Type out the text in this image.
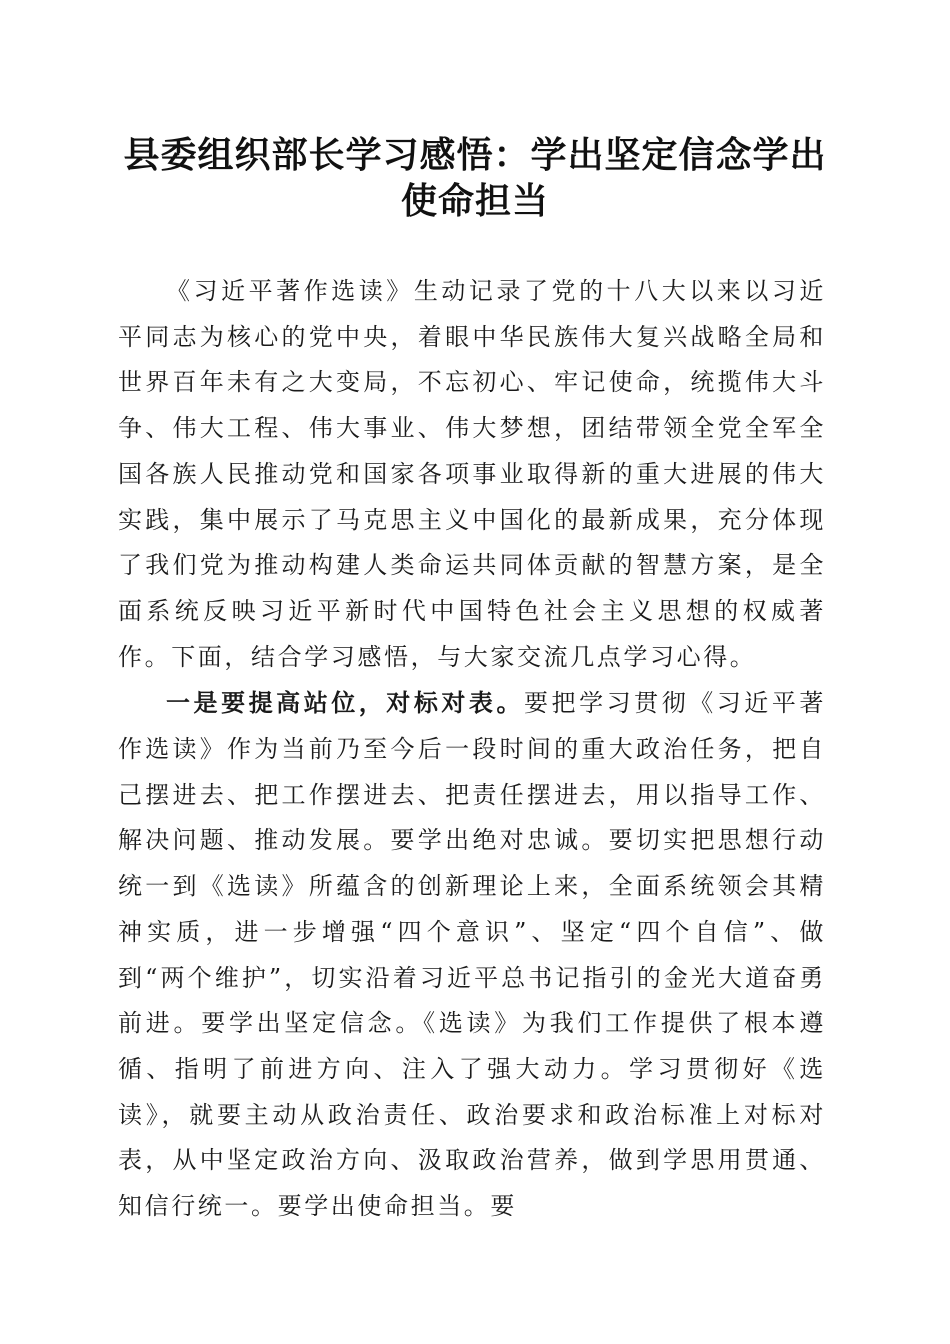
县委组织部长学习感悟：学出坚定信念学出使命担当

《习近平著作选读》生动记录了党的十八大以来以习近平同志为核心的党中央，着眼中华民族伟大复兴战略全局和世界百年未有之大变局，不忘初心、牢记使命，统揽伟大斗争、伟大工程、伟大事业、伟大梦想，团结带领全党全军全国各族人民推动党和国家各项事业取得新的重大进展的伟大实践，集中展示了马克思主义中国化的最新成果，充分体现了我们党为推动构建人类命运共同体贡献的智慧方案，是全面系统反映习近平新时代中国特色社会主义思想的权威著作。下面，结合学习感悟，与大家交流几点学习心得。

一是要提高站位，对标对表。要把学习贯彻《习近平著作选读》作为当前乃至今后一段时间的重大政治任务，把自己摆进去、把工作摆进去、把责任摆进去，用以指导工作、解决问题、推动发展。要学出绝对忠诚。要切实把思想行动统一到《选读》所蕴含的创新理论上来，全面系统领会其精神实质，进一步增强“四个意识”、坚定“四个自信”、做到“两个维护”，切实沿着习近平总书记指引的金光大道奋勇前进。要学出坚定信念。《选读》为我们工作提供了根本遵循、指明了前进方向、注入了强大动力。学习贯彻好《选读》，就要主动从政治责任、政治要求和政治标准上对标对表，从中坚定政治方向、汲取政治营养，做到学思用贯通、知信行统一。要学出使命担当。要
